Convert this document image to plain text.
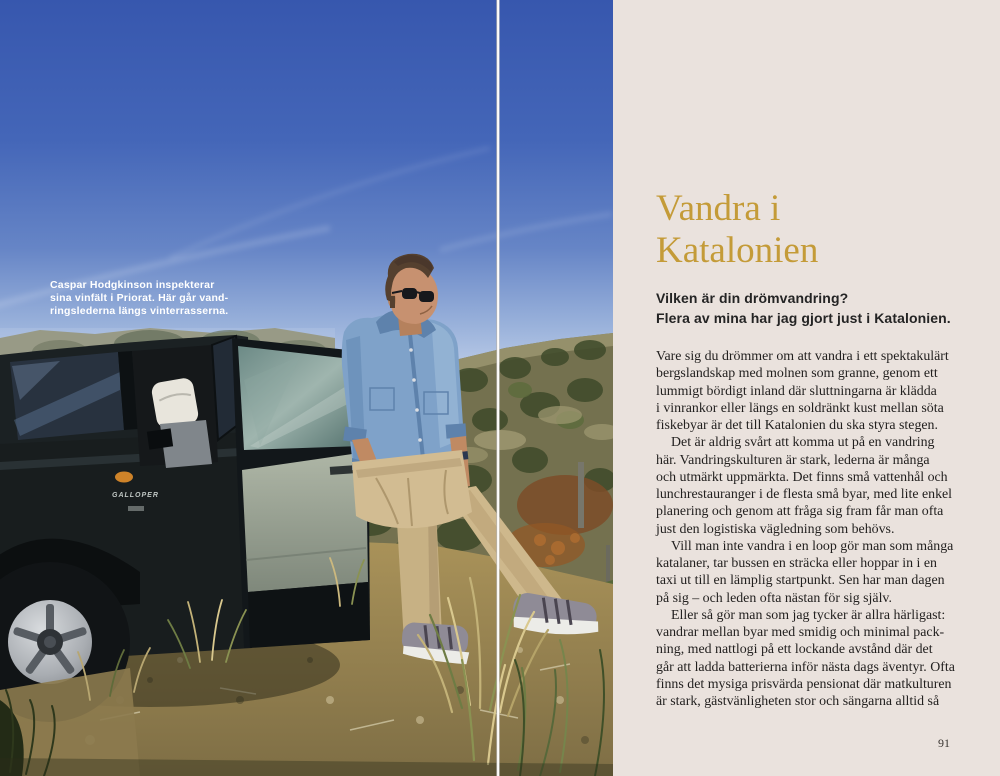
GALLOPER
Caspar Hodgkinson inspekterar
sina vinfält i Priorat. Här går vand-
ringslederna längs vinterrasserna.
Vandra i
Katalonien
Vilken är din drömvandring?
Flera av mina har jag gjort just i Katalonien.
Vare sig du drömmer om att vandra i ett spektakulärt
bergslandskap med molnen som granne, genom ett
lummigt bördigt inland där sluttningarna är klädda
i vinrankor eller längs en soldränkt kust mellan söta
fiskebyar är det till Katalonien du ska styra stegen.
Det är aldrig svårt att komma ut på en vandring
här. Vandringskulturen är stark, lederna är många
och utmärkt uppmärkta. Det finns små vattenhål och
lunchrestauranger i de flesta små byar, med lite enkel
planering och genom att fråga sig fram får man ofta
just den logistiska vägledning som behövs.
Vill man inte vandra i en loop gör man som många
katalaner, tar bussen en sträcka eller hoppar in i en
taxi ut till en lämplig startpunkt. Sen har man dagen
på sig – och leden ofta nästan för sig själv.
Eller så gör man som jag tycker är allra härligast:
vandrar mellan byar med smidig och minimal pack-
ning, med nattlogi på ett lockande avstånd där det
går att ladda batterierna inför nästa dags äventyr. Ofta
finns det mysiga prisvärda pensionat där matkulturen
är stark, gästvänligheten stor och sängarna alltid så
91
